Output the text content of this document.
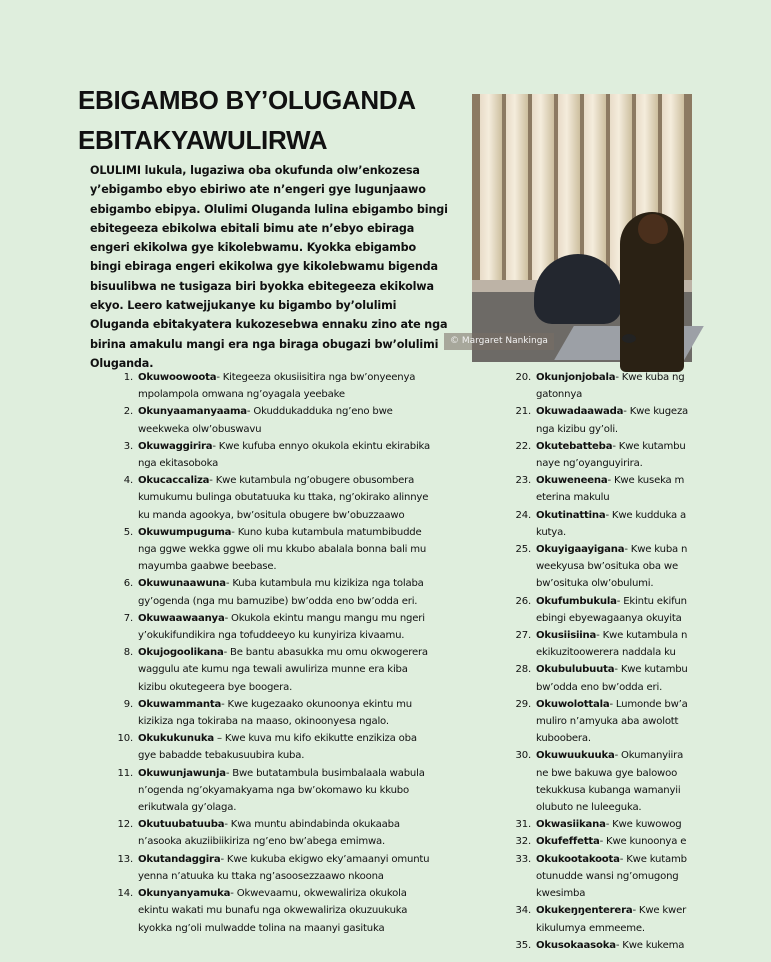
EBIGAMBO BY’OLUGANDA
EBITAKYAWULIRWA
OLULIMI lukula, lugaziwa oba okufunda olw’enkozesa y’ebigambo ebyo ebiriwo ate n’engeri gye lugunjaawo ebigambo ebipya. Olulimi Oluganda lulina ebigambo bingi ebitegeeza ebikolwa ebitali bimu ate n’ebyo ebiraga engeri ekikolwa gye kikolebwamu. Kyokka ebigambo bingi ebiraga engeri ekikolwa gye kikolebwamu bigenda bisuulibwa ne tusigaza biri byokka ebitegeeza ekikolwa ekyo. Leero katwejjukanye ku bigambo by’olulimi Oluganda ebitakyatera kukozesebwa ennaku zino ate nga birina amakulu mangi era nga biraga obugazi bw’olulimi Oluganda.
© Margaret Nankinga
1. Okuwoowoota- Kitegeeza okusiisitira nga bw’onyeenya mpolampola omwana ng’oyagala yeebake
2. Okunyaamanyaama- Okuddukadduka ng’eno bwe weekweka olw’obuswavu
3. Okuwaggirira- Kwe kufuba ennyo okukola ekintu ekirabika nga ekitasoboka
4. Okucaccaliza- Kwe kutambula ng’obugere obusombera kumukumu bulinga obutatuuka ku ttaka, ng’okirako alinnye ku manda agookya, bw’ositula obugere bw’obuzzaawo
5. Okuwumpuguma- Kuno kuba kutambula matumbibudde nga ggwe wekka ggwe oli mu kkubo abalala bonna bali mu mayumba gaabwe beebase.
6. Okuwunaawuna- Kuba kutambula mu kizikiza nga tolaba gy’ogenda (nga mu bamuzibe) bw’odda eno bw’odda eri.
7. Okuwaawaanya- Okukola ekintu mangu mangu mu ngeri y’okukifundikira nga tofuddeeyo ku kunyiriza kivaamu.
8. Okujogoolikana- Be bantu abasukka mu omu okwogerera waggulu ate kumu nga tewali awuliriza munne era kiba kizibu okutegeera bye boogera.
9. Okuwammanta- Kwe kugezaako okunoonya ekintu mu kizikiza nga tokiraba na maaso, okinoonyesa ngalo.
10. Okukukunuka – Kwe kuva mu kifo ekikutte enzikiza oba gye babadde tebakusuubira kuba.
11. Okuwunjawunja- Bwe butatambula busimbalaala wabula n’ogenda ng’okyamakyama nga bw’okomawo ku kkubo erikutwala gy’olaga.
12. Okutuubatuuba- Kwa muntu abindabinda okukaaba n’asooka akuziibiikiriza ng’eno bw’abega emimwa.
13. Okutandaggira- Kwe kukuba ekigwo eky’amaanyi omuntu yenna n’atuuka ku ttaka ng’asoosezzaawo nkoona
14. Okunyanyamuka- Okwevaamu, okwewaliriza okukola ekintu wakati mu bunafu nga okwewaliriza okuzuukuka kyokka ng’oli mulwadde tolina na maanyi gasituka
20. Okunjonjobala- Kwe kuba ng
gatonnya
21. Okuwadaawada- Kwe kugeza
nga kizibu gy’oli.
22. Okutebatteba- Kwe kutambu
naye ng’oyanguyirira.
23. Okuweneena- Kwe kuseka m
eterina makulu
24. Okutinattina- Kwe kudduka a
kutya.
25. Okuyigaayigana- Kwe kuba n
weekyusa bw’osituka oba we
bw’osituka olw’obulumi.
26. Okufumbukula- Ekintu ekifun
ebingi ebyewagaanya okuyita
27. Okusiisiina- Kwe kutambula n
ekikuzitoowerera naddala ku
28. Okubulubuuta- Kwe kutambu
bw’odda eno bw’odda eri.
29. Okuwolottala- Lumonde bw’a
muliro n’amyuka aba awolott
kuboobera.
30. Okuwuukuuka- Okumanyiira
ne bwe bakuwa gye balowoo
tekukkusa kubanga wamanyii
olubuto ne luleeguka.
31. Okwasiikana- Kwe kuwowog
32. Okufeffetta- Kwe kunoonya e
33. Okukootakoota- Kwe kutamb
otunudde wansi ng’omugong
kwesimba
34. Okukeŋŋenterera- Kwe kwer
kikulumya emmeeme.
35. Okusokaasoka- Kwe kukema
